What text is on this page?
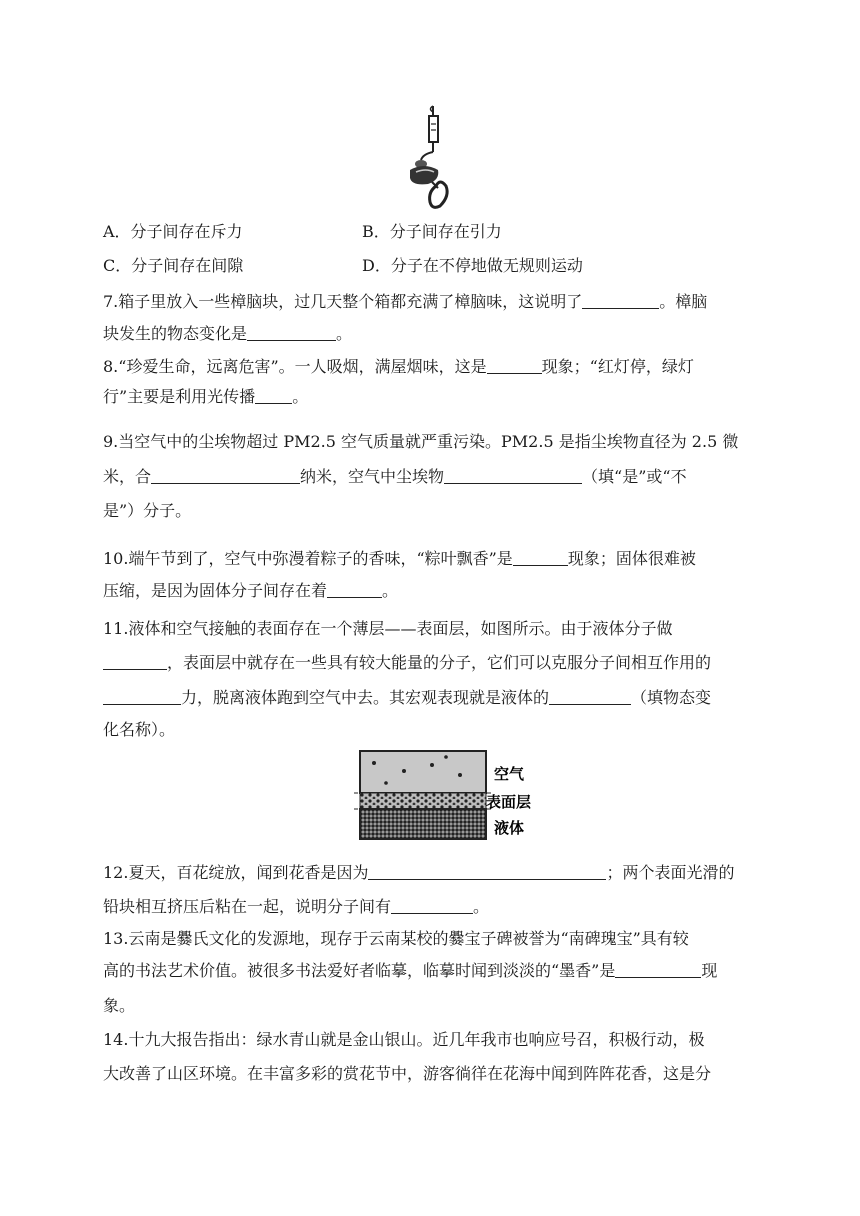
A．分子间存在斥力	B．分子间存在引力
C．分子间存在间隙	D．分子在不停地做无规则运动
7.箱子里放入一些樟脑块，过几天整个箱都充满了樟脑味，这说明了	。樟脑
块发生的物态变化是	。
8.“珍爱生命，远离危害”。一人吸烟，满屋烟味，这是	现象；“红灯停，绿灯
行”主要是利用光传播 。
9.当空气中的尘埃物超过 PM2.5 空气质量就严重污染。PM2.5 是指尘埃物直径为 2.5 微
米，合	纳米，空气中尘埃物	（填“是”或“不
是”）分子。
10.端午节到了，空气中弥漫着粽子的香味，“粽叶飘香”是	现象；固体很难被
压缩，是因为固体分子间存在着	。
11.液体和空气接触的表面存在一个薄层——表面层，如图所示。由于液体分子做
，表面层中就存在一些具有较大能量的分子，它们可以克服分子间相互作用的
力，脱离液体跑到空气中去。其宏观表现就是液体的	（填物态变
化名称）。
空气
表面层
液体
12.夏天，百花绽放，闻到花香是因为	；两个表面光滑的
铅块相互挤压后粘在一起，说明分子间有	。
13.云南是爨氏文化的发源地，现存于云南某校的爨宝子碑被誉为“南碑瑰宝”具有较
高的书法艺术价值。被很多书法爱好者临摹，临摹时闻到淡淡的“墨香”是	现
象。
14.十九大报告指出：绿水青山就是金山银山。近几年我市也响应号召，积极行动，极
大改善了山区环境。在丰富多彩的赏花节中，游客徜徉在花海中闻到阵阵花香，这是分
